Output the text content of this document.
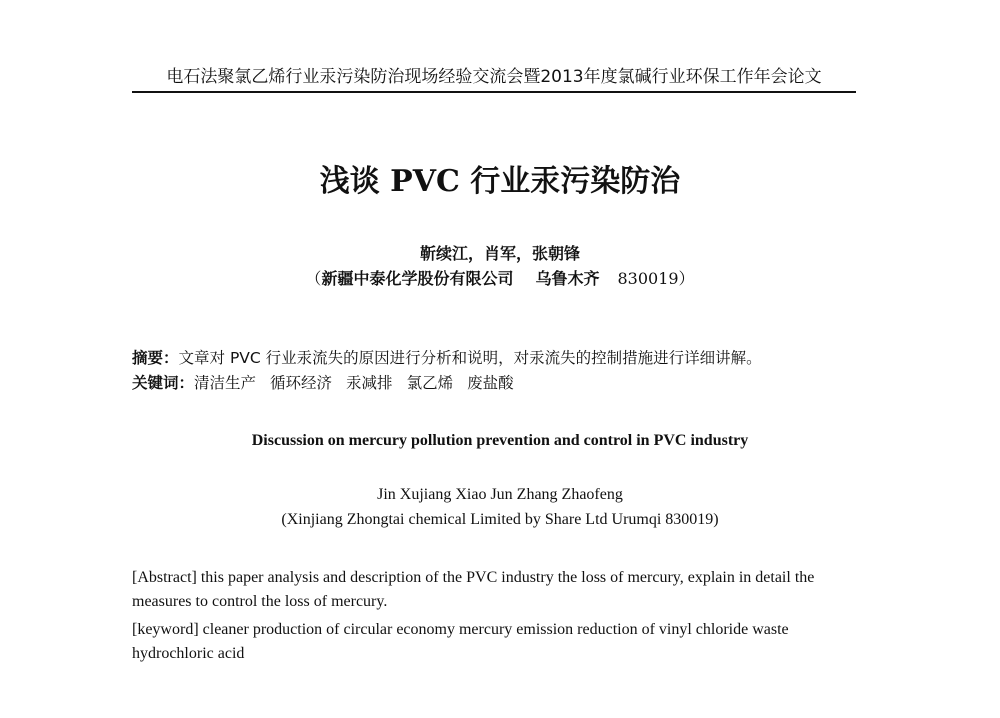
电石法聚氯乙烯行业汞污染防治现场经验交流会暨2013年度氯碱行业环保工作年会论文
浅谈 PVC 行业汞污染防治
靳续江，肖军，张朝锋
（新疆中泰化学股份有限公司 乌鲁木齐 830019）
摘要：文章对 PVC 行业汞流失的原因进行分析和说明，对汞流失的控制措施进行详细讲解。
关键词：清洁生产 循环经济 汞减排 氯乙烯 废盐酸
Discussion on mercury pollution prevention and control in PVC industry
Jin Xujiang Xiao Jun Zhang Zhaofeng
(Xinjiang Zhongtai chemical Limited by Share Ltd Urumqi 830019)
[Abstract] this paper analysis and description of the PVC industry the loss of mercury, explain in detail the measures to control the loss of mercury.
[keyword] cleaner production of circular economy mercury emission reduction of vinyl chloride waste hydrochloric acid
